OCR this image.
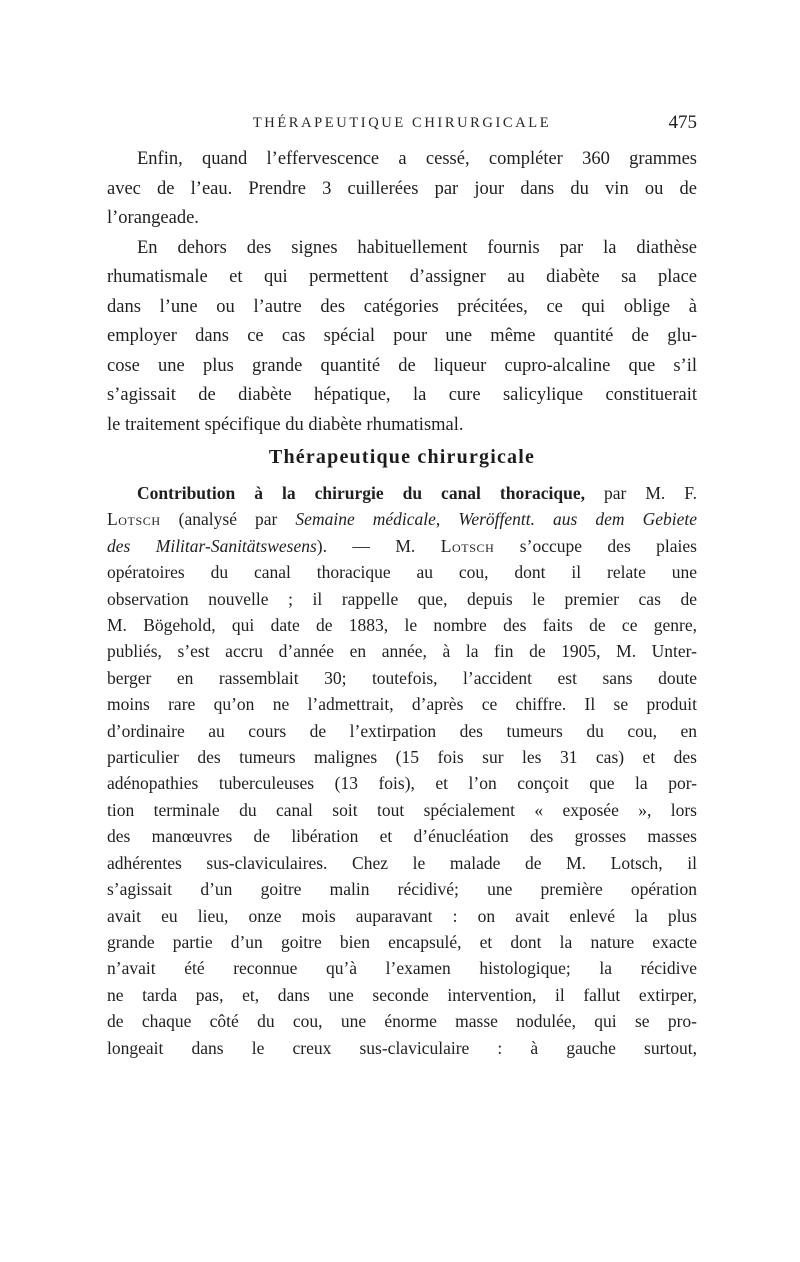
THÉRAPEUTIQUE CHIRURGICALE	475
Enfin, quand l’effervescence a cessé, compléter 360 grammes
avec de l’eau. Prendre 3 cuillerées par jour dans du vin ou de
l’orangeade.
En dehors des signes habituellement fournis par la diathèse
rhumatismale et qui permettent d’assigner au diabète sa place
dans l’une ou l’autre des catégories précitées, ce qui oblige à
employer dans ce cas spécial pour une même quantité de glu-
cose une plus grande quantité de liqueur cupro-alcaline que s’il
s’agissait de diabète hépatique, la cure salicylique constituerait
le traitement spécifique du diabète rhumatismal.
Thérapeutique chirurgicale
Contribution à la chirurgie du canal thoracique, par M. F.
Lotsch (analysé par Semaine médicale, Weröffentt. aus dem Gebiete
des Militar-Sanitätswesens). — M. Lotsch s’occupe des plaies
opératoires du canal thoracique au cou, dont il relate une
observation nouvelle ; il rappelle que, depuis le premier cas de
M. Bögehold, qui date de 1883, le nombre des faits de ce genre,
publiés, s’est accru d’année en année, à la fin de 1905, M. Unter-
berger en rassemblait 30; toutefois, l’accident est sans doute
moins rare qu’on ne l’admettrait, d’après ce chiffre. Il se produit
d’ordinaire au cours de l’extirpation des tumeurs du cou, en
particulier des tumeurs malignes (15 fois sur les 31 cas) et des
adénopathies tuberculeuses (13 fois), et l’on conçoit que la por-
tion terminale du canal soit tout spécialement « exposée », lors
des manœuvres de libération et d’énucléation des grosses masses
adhérentes sus-claviculaires. Chez le malade de M. Lotsch, il
s’agissait d’un goitre malin récidivé; une première opération
avait eu lieu, onze mois auparavant : on avait enlevé la plus
grande partie d’un goitre bien encapsulé, et dont la nature exacte
n’avait été reconnue qu’à l’examen histologique; la récidive
ne tarda pas, et, dans une seconde intervention, il fallut extirper,
de chaque côté du cou, une énorme masse nodulée, qui se pro-
longeait dans le creux sus-claviculaire : à gauche surtout,
